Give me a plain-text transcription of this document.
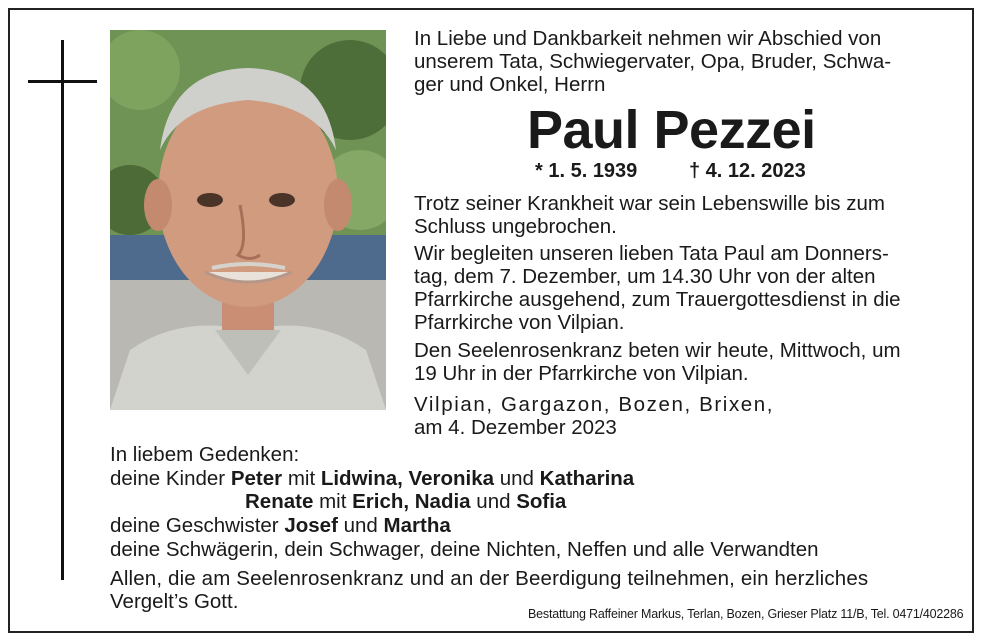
In Liebe und Dankbarkeit nehmen wir Abschied von
unserem Tata, Schwiegervater, Opa, Bruder, Schwa-
ger und Onkel, Herrn
Paul Pezzei
* 1. 5. 1939	† 4. 12. 2023
Trotz seiner Krankheit war sein Lebenswille bis zum
Schluss ungebrochen.
Wir begleiten unseren lieben Tata Paul am Donners-
tag, dem 7. Dezember, um 14.30 Uhr von der alten
Pfarrkirche ausgehend, zum Trauergottesdienst in die
Pfarrkirche von Vilpian.
Den Seelenrosenkranz beten wir heute, Mittwoch, um
19 Uhr in der Pfarrkirche von Vilpian.
Vilpian, Gargazon, Bozen, Brixen,
am 4. Dezember 2023
In liebem Gedenken:
deine Kinder Peter mit Lidwina, Veronika und Katharina
Renate mit Erich, Nadia und Sofia
deine Geschwister Josef und Martha
deine Schwägerin, dein Schwager, deine Nichten, Neffen und alle Verwandten
Allen, die am Seelenrosenkranz und an der Beerdigung teilnehmen, ein herzliches
Vergelt’s Gott.
Bestattung Raffeiner Markus, Terlan, Bozen, Grieser Platz 11/B, Tel. 0471/402286
